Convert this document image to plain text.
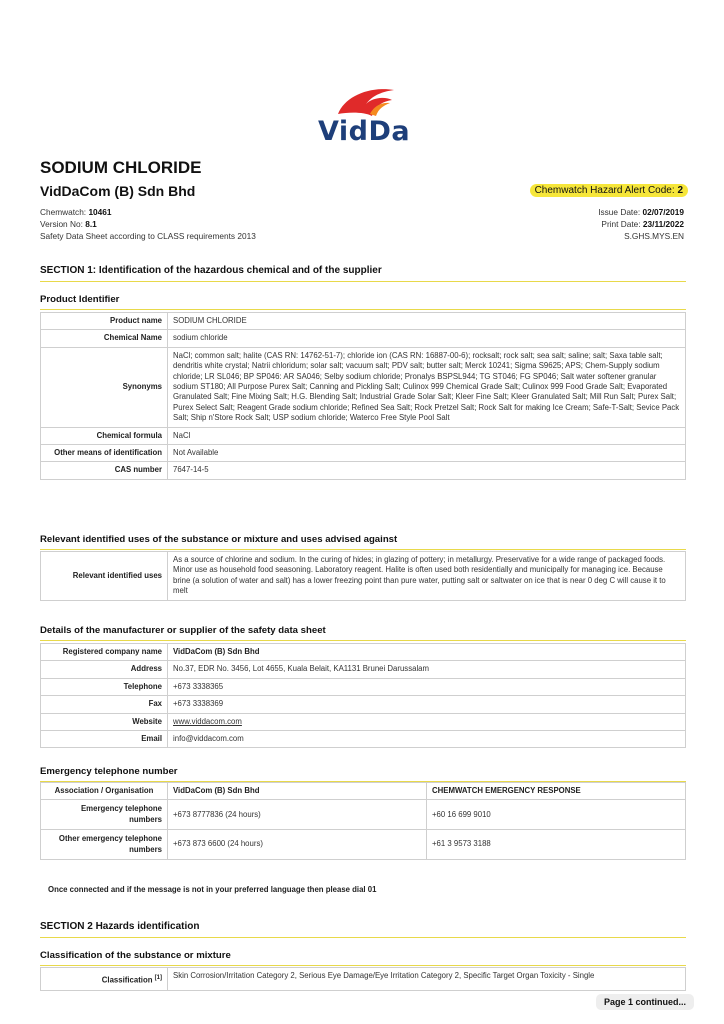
VidDa
SODIUM CHLORIDE
VidDaCom (B) Sdn Bhd	Chemwatch Hazard Alert Code: 2
Chemwatch: 10461
Version No: 8.1
Safety Data Sheet according to CLASS requirements 2013
Issue Date: 02/07/2019
Print Date: 23/11/2022
S.GHS.MYS.EN
SECTION 1: Identification of the hazardous chemical and of the supplier
Product Identifier
Product name	SODIUM CHLORIDE
Chemical Name	sodium chloride
Synonyms	NaCl; common salt; halite (CAS RN: 14762-51-7); chloride ion (CAS RN: 16887-00-6); rocksalt; rock salt; sea salt; saline; salt; Saxa table salt; dendritis white crystal; Natrii chloridum; solar salt; vacuum salt; PDV salt; butter salt; Merck 10241; Sigma S9625; APS; Chem-Supply sodium chloride; LR SL046; BP SP046: AR SA046; Selby sodium chloride; Pronalys BSPSL944; TG ST046; FG SP046; Salt water softener granular sodium ST180; All Purpose Purex Salt; Canning and Pickling Salt; Culinox 999 Chemical Grade Salt; Culinox 999 Food Grade Salt; Evaporated Granulated Salt; Fine Mixing Salt; H.G. Blending Salt; Industrial Grade Solar Salt; Kleer Fine Salt; Kleer Granulated Salt; Mill Run Salt; Purex Salt; Purex Select Salt; Reagent Grade sodium chloride; Refined Sea Salt; Rock Pretzel Salt; Rock Salt for making Ice Cream; Safe-T-Salt; Sevice Pack Salt; Ship n'Store Rock Salt; USP sodium chloride; Waterco Free Style Pool Salt
Chemical formula	NaCl
Other means of identification	Not Available
CAS number	7647-14-5
Relevant identified uses of the substance or mixture and uses advised against
Relevant identified uses	As a source of chlorine and sodium. In the curing of hides; in glazing of pottery; in metallurgy. Preservative for a wide range of packaged foods. Minor use as household food seasoning. Laboratory reagent. Halite is often used both residentially and municipally for managing ice. Because brine (a solution of water and salt) has a lower freezing point than pure water, putting salt or saltwater on ice that is near 0 deg C will cause it to melt
Details of the manufacturer or supplier of the safety data sheet
Registered company name	VidDaCom (B) Sdn Bhd
Address	No.37, EDR No. 3456, Lot 4655, Kuala Belait, KA1131 Brunei Darussalam
Telephone	+673 3338365
Fax	+673 3338369
Website	www.viddacom.com
Email	info@viddacom.com
Emergency telephone number
Association / Organisation	VidDaCom (B) Sdn Bhd	CHEMWATCH EMERGENCY RESPONSE
Emergency telephone numbers	+673 8777836 (24 hours)	+60 16 699 9010
Other emergency telephone numbers	+673 873 6600 (24 hours)	+61 3 9573 3188
Once connected and if the message is not in your preferred language then please dial 01
SECTION 2 Hazards identification
Classification of the substance or mixture
Classification [1]	Skin Corrosion/Irritation Category 2, Serious Eye Damage/Eye Irritation Category 2, Specific Target Organ Toxicity - Single
Page 1 continued...
